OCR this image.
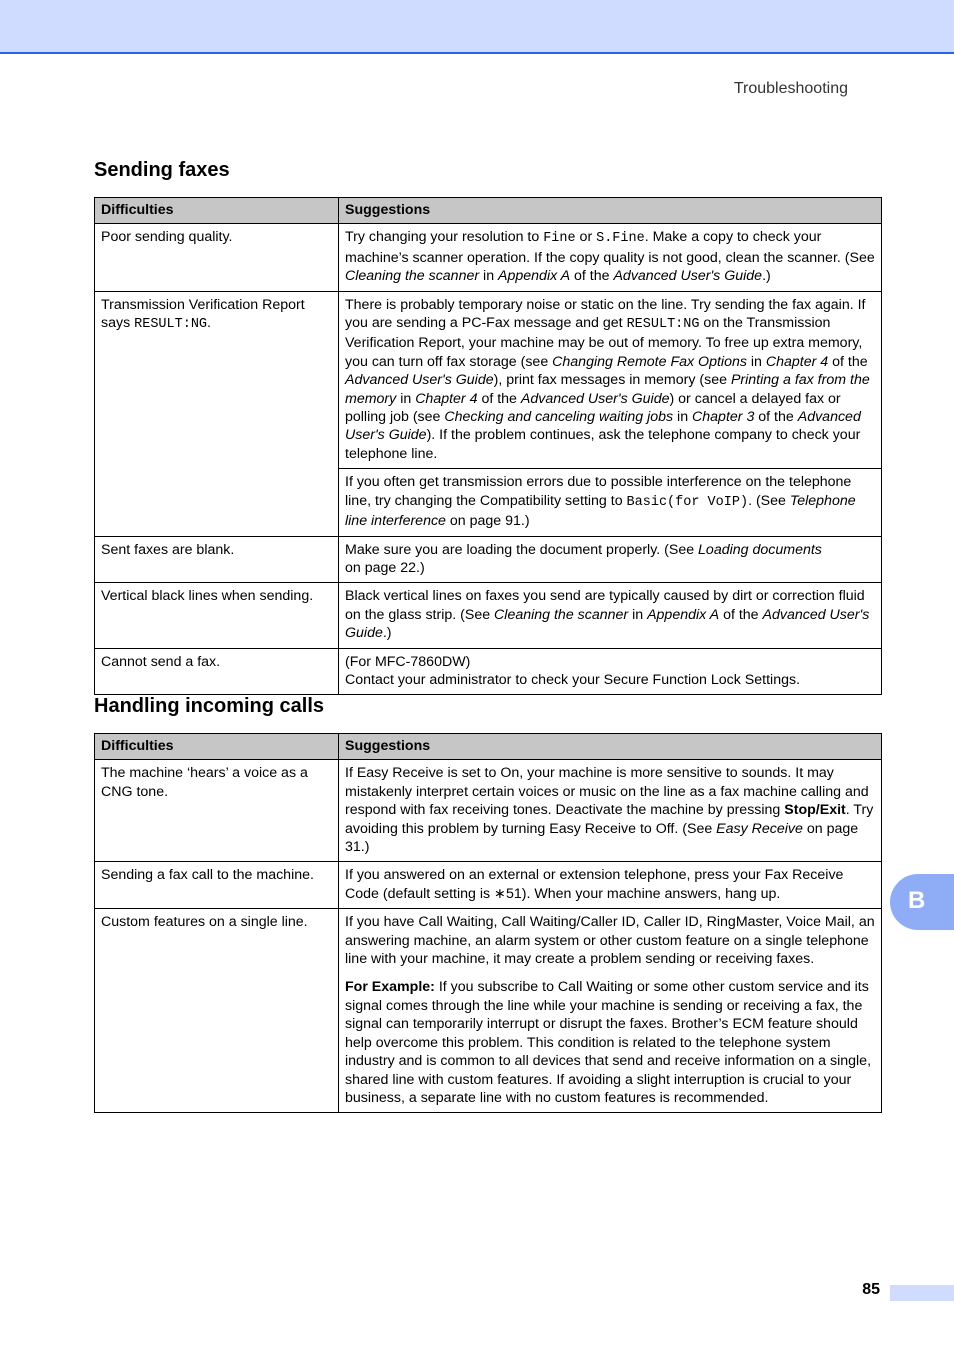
Troubleshooting
Sending faxes
Difficulties	Suggestions
Poor sending quality.	Try changing your resolution to Fine or S.Fine. Make a copy to check your machine’s scanner operation. If the copy quality is not good, clean the scanner. (See Cleaning the scanner in Appendix A of the Advanced User's Guide.)
Transmission Verification Report says RESULT:NG.	There is probably temporary noise or static on the line. Try sending the fax again. If you are sending a PC-Fax message and get RESULT:NG on the Transmission Verification Report, your machine may be out of memory. To free up extra memory, you can turn off fax storage (see Changing Remote Fax Options in Chapter 4 of the Advanced User's Guide), print fax messages in memory (see Printing a fax from the memory in Chapter 4 of the Advanced User's Guide) or cancel a delayed fax or polling job (see Checking and canceling waiting jobs in Chapter 3 of the Advanced User's Guide). If the problem continues, ask the telephone company to check your telephone line.
	If you often get transmission errors due to possible interference on the telephone line, try changing the Compatibility setting to Basic(for VoIP). (See Telephone line interference on page 91.)
Sent faxes are blank.	Make sure you are loading the document properly. (See Loading documents
on page 22.)
Vertical black lines when sending.	Black vertical lines on faxes you send are typically caused by dirt or correction fluid on the glass strip. (See Cleaning the scanner in Appendix A of the Advanced User's Guide.)
Cannot send a fax.	(For MFC-7860DW)
Contact your administrator to check your Secure Function Lock Settings.
Handling incoming calls
Difficulties	Suggestions
The machine ‘hears’ a voice as a CNG tone.	If Easy Receive is set to On, your machine is more sensitive to sounds. It may mistakenly interpret certain voices or music on the line as a fax machine calling and respond with fax receiving tones. Deactivate the machine by pressing Stop/Exit. Try avoiding this problem by turning Easy Receive to Off. (See Easy Receive on page 31.)
Sending a fax call to the machine.	If you answered on an external or extension telephone, press your Fax Receive Code (default setting is ∗51). When your machine answers, hang up.
Custom features on a single line.	If you have Call Waiting, Call Waiting/Caller ID, Caller ID, RingMaster, Voice Mail, an answering machine, an alarm system or other custom feature on a single telephone line with your machine, it may create a problem sending or receiving faxes.
For Example: If you subscribe to Call Waiting or some other custom service and its signal comes through the line while your machine is sending or receiving a fax, the signal can temporarily interrupt or disrupt the faxes. Brother’s ECM feature should help overcome this problem. This condition is related to the telephone system industry and is common to all devices that send and receive information on a single, shared line with custom features. If avoiding a slight interruption is crucial to your business, a separate line with no custom features is recommended.
B
85
